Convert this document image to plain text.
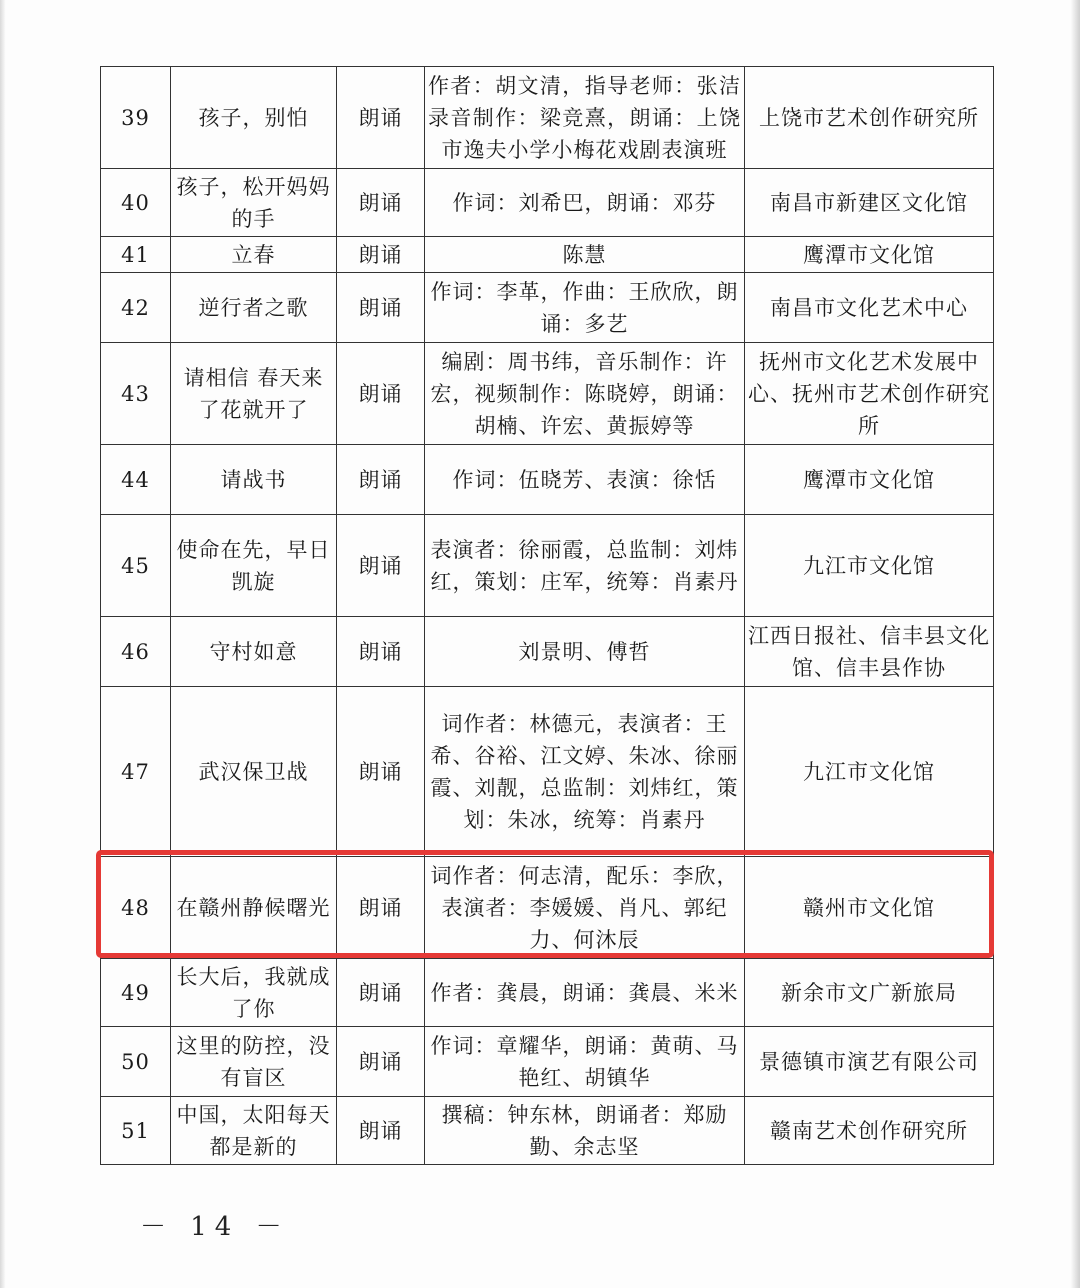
39	孩子，别怕	朗诵	作者：胡文清，指导老师：张洁录音制作：梁竞熹，朗诵：上饶市逸夫小学小梅花戏剧表演班	上饶市艺术创作研究所
40	孩子，松开妈妈的手	朗诵	作词：刘希巴，朗诵：邓芬	南昌市新建区文化馆
41	立春	朗诵	陈慧	鹰潭市文化馆
42	逆行者之歌	朗诵	作词：李革，作曲：王欣欣，朗诵：多艺	南昌市文化艺术中心
43	请相信 春天来了花就开了	朗诵	编剧：周书纬，音乐制作：许宏，视频制作：陈晓婷，朗诵：胡楠、许宏、黄振婷等	抚州市文化艺术发展中心、抚州市艺术创作研究所
44	请战书	朗诵	作词：伍晓芳、表演：徐恬	鹰潭市文化馆
45	使命在先，早日凯旋	朗诵	表演者：徐丽霞，总监制：刘炜红，策划：庄军，统筹：肖素丹	九江市文化馆
46	守村如意	朗诵	刘景明、傅哲	江西日报社、信丰县文化馆、信丰县作协
47	武汉保卫战	朗诵	词作者：林德元，表演者：王希、谷裕、江文婷、朱冰、徐丽霞、刘靓，总监制：刘炜红，策划：朱冰，统筹：肖素丹	九江市文化馆
48	在赣州静候曙光	朗诵	词作者：何志清，配乐：李欣，表演者：李媛媛、肖凡、郭纪力、何沐辰	赣州市文化馆
49	长大后，我就成了你	朗诵	作者：龚晨，朗诵：龚晨、米米	新余市文广新旅局
50	这里的防控，没有盲区	朗诵	作词：章耀华，朗诵：黄萌、马艳红、胡镇华	景德镇市演艺有限公司
51	中国，太阳每天都是新的	朗诵	撰稿：钟东林，朗诵者：郑励勤、余志坚	赣南艺术创作研究所
－ 14 －
